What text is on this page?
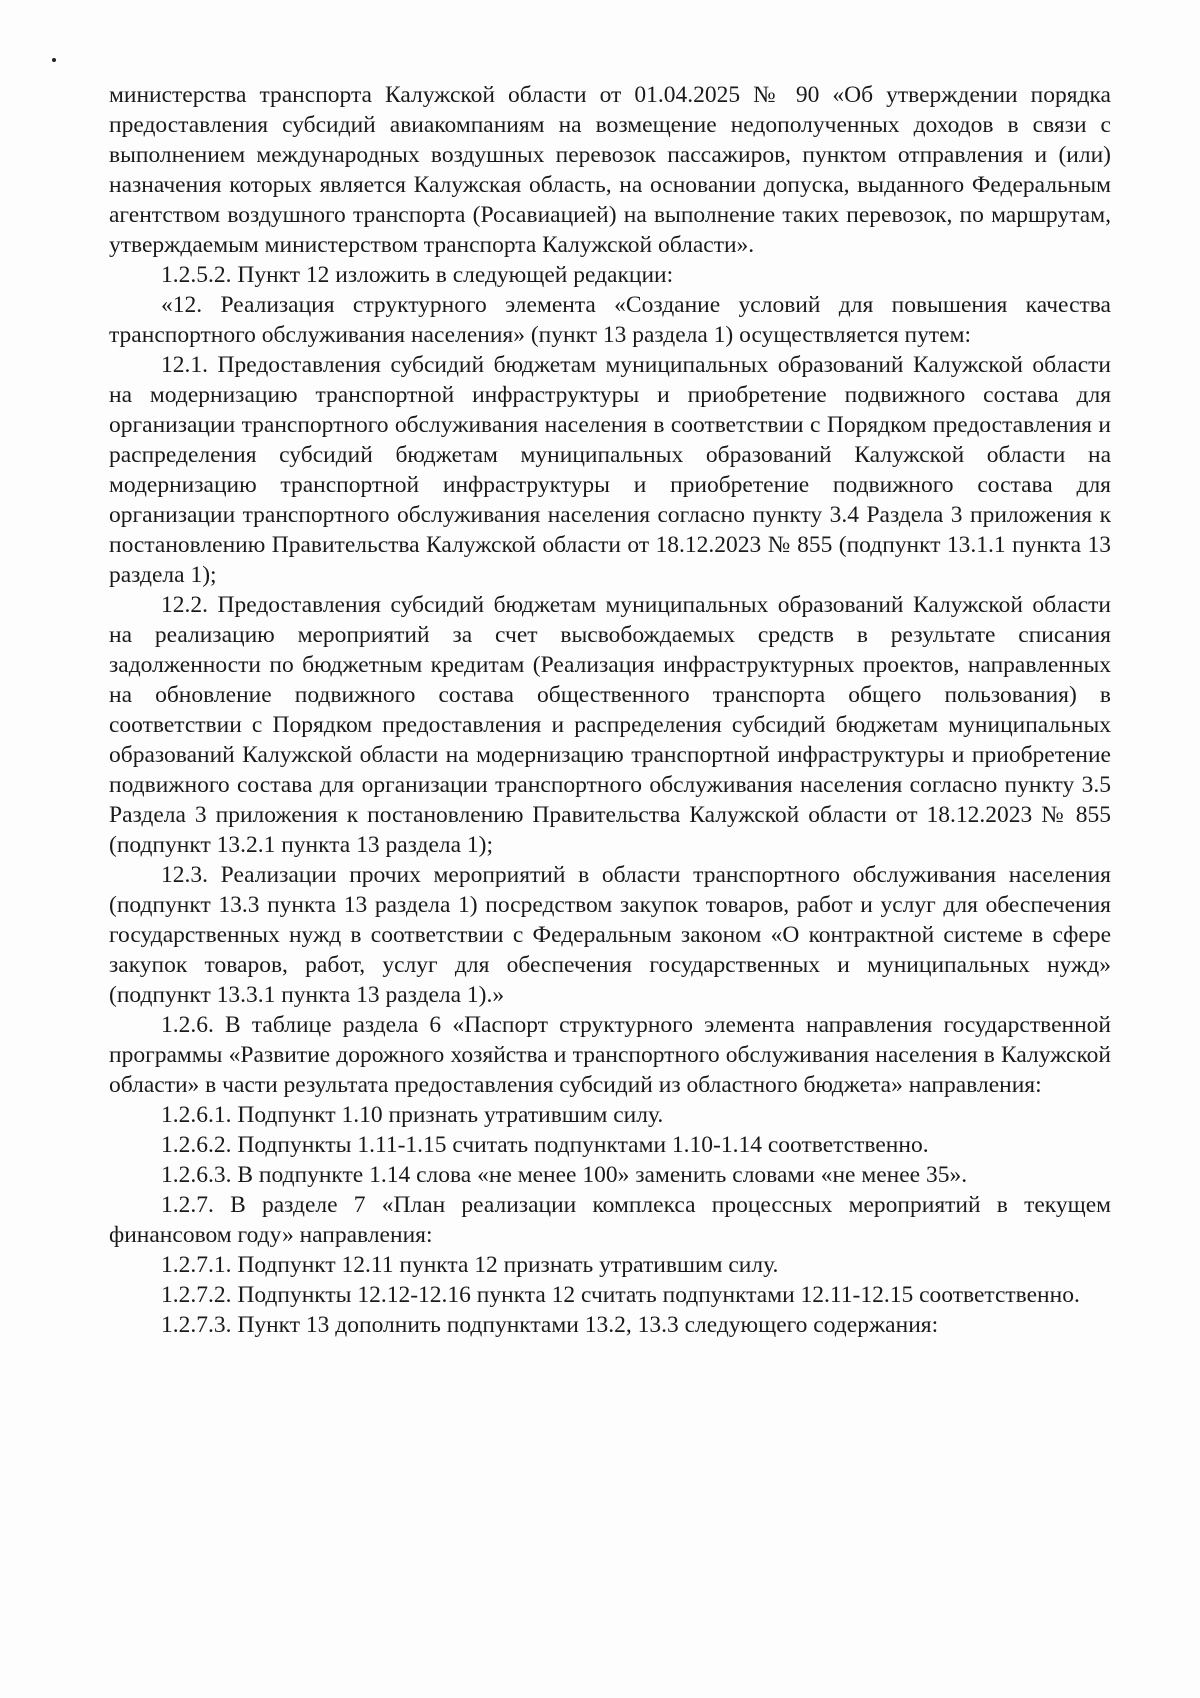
министерства транспорта Калужской области от 01.04.2025 № 90 «Об утверждении порядка предоставления субсидий авиакомпаниям на возмещение недополученных доходов в связи с выполнением международных воздушных перевозок пассажиров, пунктом отправления и (или) назначения которых является Калужская область, на основании допуска, выданного Федеральным агентством воздушного транспорта (Росавиацией) на выполнение таких перевозок, по маршрутам, утверждаемым министерством транспорта Калужской области».

1.2.5.2. Пункт 12 изложить в следующей редакции:

«12. Реализация структурного элемента «Создание условий для повышения качества транспортного обслуживания населения» (пункт 13 раздела 1) осуществляется путем:

12.1. Предоставления субсидий бюджетам муниципальных образований Калужской области на модернизацию транспортной инфраструктуры и приобретение подвижного состава для организации транспортного обслуживания населения в соответствии с Порядком предоставления и распределения субсидий бюджетам муниципальных образований Калужской области на модернизацию транспортной инфраструктуры и приобретение подвижного состава для организации транспортного обслуживания населения согласно пункту 3.4 Раздела 3 приложения к постановлению Правительства Калужской области от 18.12.2023 № 855 (подпункт 13.1.1 пункта 13 раздела 1);

12.2. Предоставления субсидий бюджетам муниципальных образований Калужской области на реализацию мероприятий за счет высвобождаемых средств в результате списания задолженности по бюджетным кредитам (Реализация инфраструктурных проектов, направленных на обновление подвижного состава общественного транспорта общего пользования) в соответствии с Порядком предоставления и распределения субсидий бюджетам муниципальных образований Калужской области на модернизацию транспортной инфраструктуры и приобретение подвижного состава для организации транспортного обслуживания населения согласно пункту 3.5 Раздела 3 приложения к постановлению Правительства Калужской области от 18.12.2023 № 855 (подпункт 13.2.1 пункта 13 раздела 1);

12.3. Реализации прочих мероприятий в области транспортного обслуживания населения (подпункт 13.3 пункта 13 раздела 1) посредством закупок товаров, работ и услуг для обеспечения государственных нужд в соответствии с Федеральным законом «О контрактной системе в сфере закупок товаров, работ, услуг для обеспечения государственных и муниципальных нужд» (подпункт 13.3.1 пункта 13 раздела 1).»

1.2.6. В таблице раздела 6 «Паспорт структурного элемента направления государственной программы «Развитие дорожного хозяйства и транспортного обслуживания населения в Калужской области» в части результата предоставления субсидий из областного бюджета» направления:

1.2.6.1. Подпункт 1.10 признать утратившим силу.

1.2.6.2. Подпункты 1.11-1.15 считать подпунктами 1.10-1.14 соответственно.

1.2.6.3. В подпункте 1.14 слова «не менее 100» заменить словами «не менее 35».

1.2.7. В разделе 7 «План реализации комплекса процессных мероприятий в текущем финансовом году» направления:

1.2.7.1. Подпункт 12.11 пункта 12 признать утратившим силу.

1.2.7.2. Подпункты 12.12-12.16 пункта 12 считать подпунктами 12.11-12.15 соответственно.

1.2.7.3. Пункт 13 дополнить подпунктами 13.2, 13.3 следующего содержания:
